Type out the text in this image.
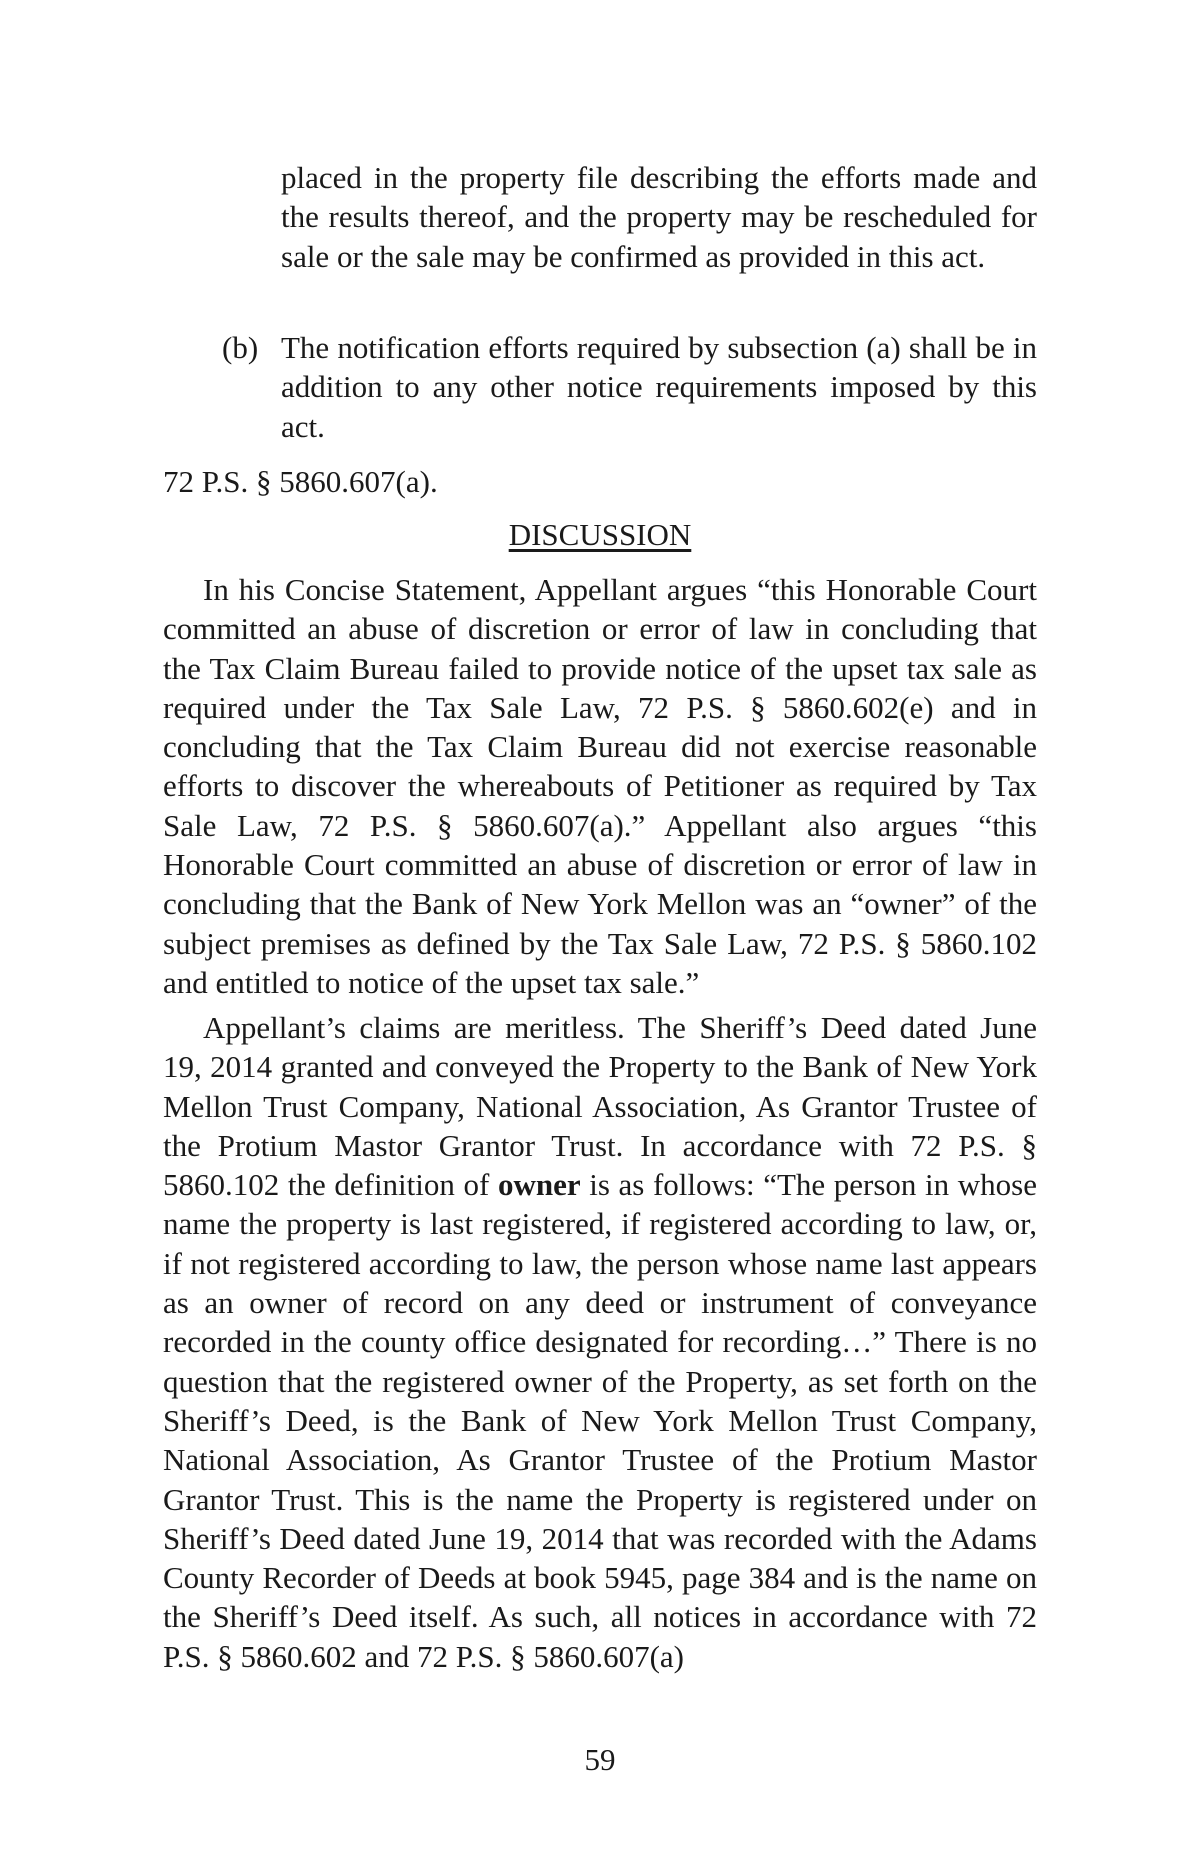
placed in the property file describing the efforts made and the results thereof, and the property may be rescheduled for sale or the sale may be confirmed as provided in this act.
(b) The notification efforts required by subsection (a) shall be in addition to any other notice requirements imposed by this act.
72 P.S. § 5860.607(a).
DISCUSSION
In his Concise Statement, Appellant argues “this Honorable Court committed an abuse of discretion or error of law in concluding that the Tax Claim Bureau failed to provide notice of the upset tax sale as required under the Tax Sale Law, 72 P.S. § 5860.602(e) and in concluding that the Tax Claim Bureau did not exercise reasonable efforts to discover the whereabouts of Petitioner as required by Tax Sale Law, 72 P.S. § 5860.607(a).” Appellant also argues “this Honorable Court committed an abuse of discretion or error of law in concluding that the Bank of New York Mellon was an “owner” of the subject premises as defined by the Tax Sale Law, 72 P.S. § 5860.102 and entitled to notice of the upset tax sale.”
Appellant’s claims are meritless. The Sheriff’s Deed dated June 19, 2014 granted and conveyed the Property to the Bank of New York Mellon Trust Company, National Association, As Grantor Trustee of the Protium Mastor Grantor Trust. In accordance with 72 P.S. § 5860.102 the definition of owner is as follows: “The person in whose name the property is last registered, if registered according to law, or, if not registered according to law, the person whose name last appears as an owner of record on any deed or instrument of conveyance recorded in the county office designated for recording…” There is no question that the registered owner of the Property, as set forth on the Sheriff’s Deed, is the Bank of New York Mellon Trust Company, National Association, As Grantor Trustee of the Protium Mastor Grantor Trust. This is the name the Property is registered under on Sheriff’s Deed dated June 19, 2014 that was recorded with the Adams County Recorder of Deeds at book 5945, page 384 and is the name on the Sheriff’s Deed itself. As such, all notices in accordance with 72 P.S. § 5860.602 and 72 P.S. § 5860.607(a)
59
